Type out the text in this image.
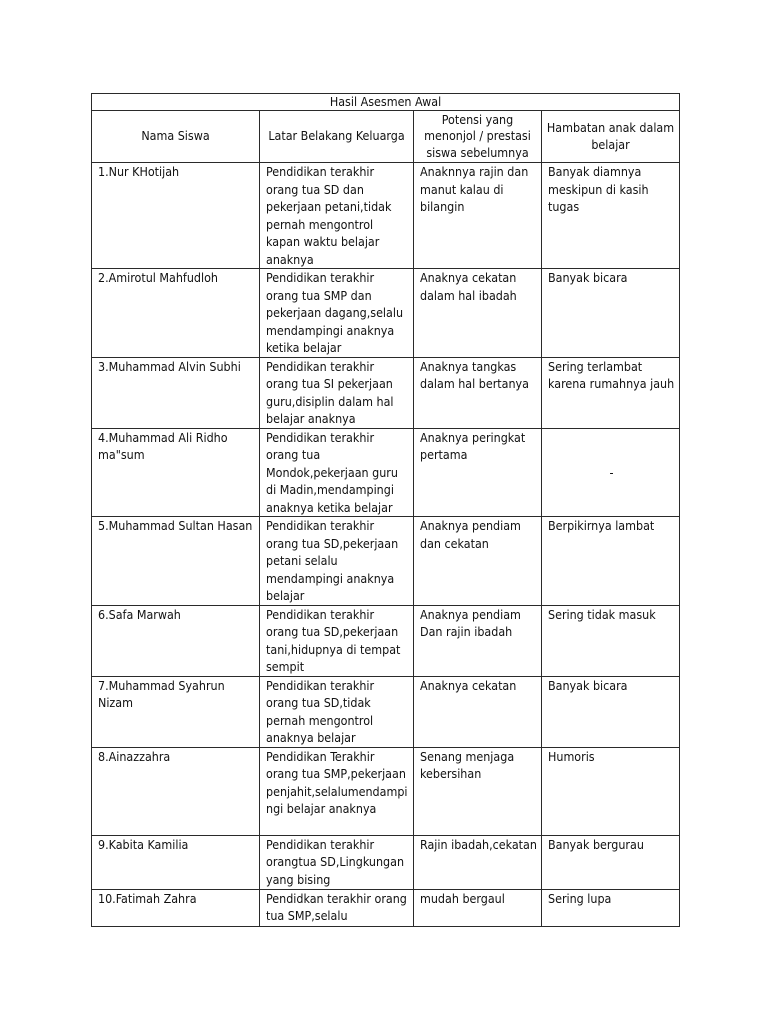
Hasil Asesmen Awal			
Nama Siswa	Latar Belakang Keluarga	Potensi yang menonjol / prestasi siswa sebelumnya	Hambatan anak dalam belajar
1.Nur KHotijah	Pendidikan terakhir orang tua SD dan pekerjaan petani,tidak pernah mengontrol kapan waktu belajar anaknya	Anaknnya rajin dan manut kalau di bilangin	Banyak diamnya meskipun di kasih tugas
2.Amirotul Mahfudloh	Pendidikan terakhir orang tua SMP dan pekerjaan dagang,selalu mendampingi anaknya ketika belajar	Anaknya cekatan dalam hal ibadah	Banyak bicara
3.Muhammad Alvin Subhi	Pendidikan terakhir orang tua SI pekerjaan guru,disiplin dalam hal belajar anaknya	Anaknya tangkas dalam hal bertanya	Sering terlambat karena rumahnya jauh
4.Muhammad Ali Ridho ma"sum	Pendidikan terakhir orang tua Mondok,pekerjaan guru di Madin,mendampingi anaknya ketika belajar	Anaknya peringkat pertama	-
5.Muhammad Sultan Hasan	Pendidikan terakhir orang tua SD,pekerjaan petani selalu mendampingi anaknya belajar	Anaknya pendiam dan cekatan	Berpikirnya lambat
6.Safa Marwah	Pendidikan terakhir orang tua SD,pekerjaan tani,hidupnya di tempat sempit	Anaknya pendiam Dan rajin ibadah	Sering tidak masuk
7.Muhammad Syahrun Nizam	Pendidikan terakhir orang tua SD,tidak pernah mengontrol anaknya belajar	Anaknya cekatan	Banyak bicara
8.Ainazzahra	Pendidikan Terakhir orang tua SMP,pekerjaan penjahit,selalumendampingi belajar anaknya	Senang menjaga kebersihan	Humoris
9.Kabita Kamilia	Pendidikan terakhir orangtua SD,Lingkungan yang bising	Rajin ibadah,cekatan	Banyak bergurau
10.Fatimah Zahra	Pendidkan terakhir orang tua SMP,selalu	mudah bergaul	Sering lupa
